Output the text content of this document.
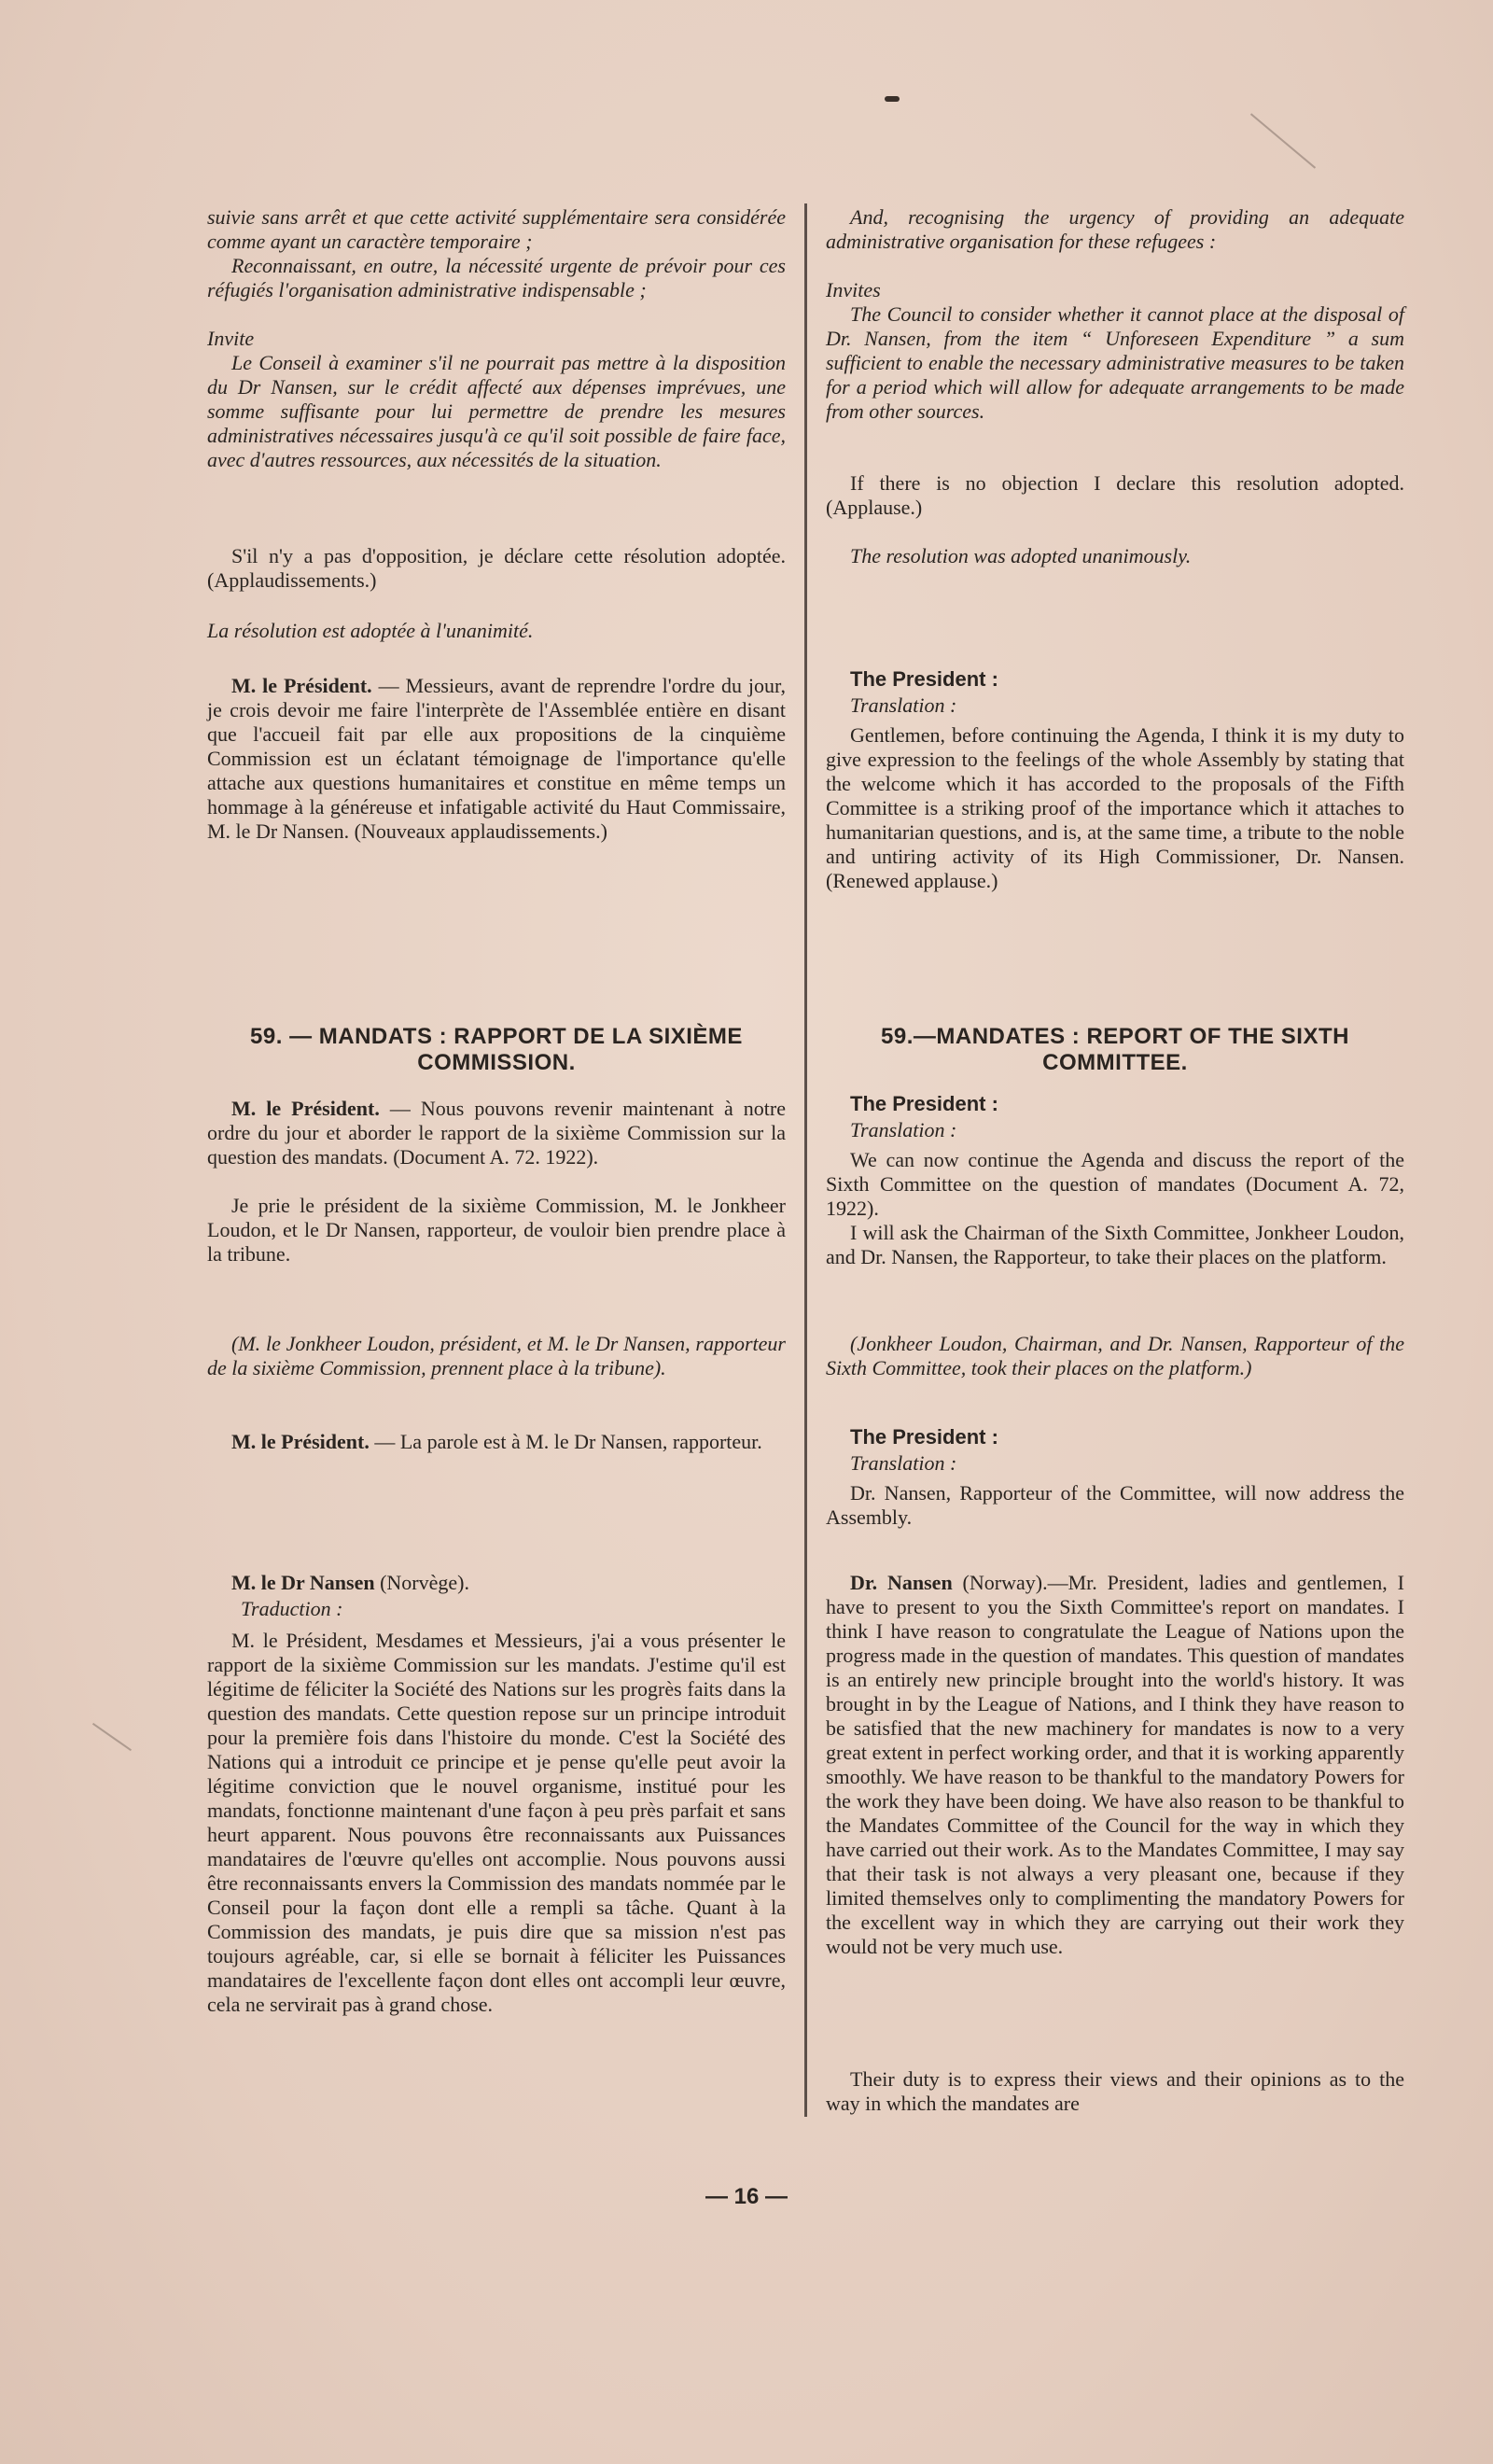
suivie sans arrêt et que cette activité supplémentaire sera considérée comme ayant un caractère temporaire ;

Reconnaissant, en outre, la nécessité urgente de prévoir pour ces réfugiés l'organisation administrative indispensable ;

Invite

Le Conseil à examiner s'il ne pourrait pas mettre à la disposition du Dr Nansen, sur le crédit affecté aux dépenses imprévues, une somme suffisante pour lui permettre de prendre les mesures administratives nécessaires jusqu'à ce qu'il soit possible de faire face, avec d'autres ressources, aux nécessités de la situation.

S'il n'y a pas d'opposition, je déclare cette résolution adoptée. (Applaudissements.)

La résolution est adoptée à l'unanimité.

M. le Président. — Messieurs, avant de reprendre l'ordre du jour, je crois devoir me faire l'interprète de l'Assemblée entière en disant que l'accueil fait par elle aux propositions de la cinquième Commission est un éclatant témoignage de l'importance qu'elle attache aux questions humanitaires et constitue en même temps un hommage à la généreuse et infatigable activité du Haut Commissaire, M. le Dr Nansen. (Nouveaux applaudissements.)

59. — MANDATS : RAPPORT DE LA SIXIÈME COMMISSION.

M. le Président. — Nous pouvons revenir maintenant à notre ordre du jour et aborder le rapport de la sixième Commission sur la question des mandats. (Document A. 72. 1922).

Je prie le président de la sixième Commission, M. le Jonkheer Loudon, et le Dr Nansen, rapporteur, de vouloir bien prendre place à la tribune.

(M. le Jonkheer Loudon, président, et M. le Dr Nansen, rapporteur de la sixième Commission, prennent place à la tribune).

M. le Président. — La parole est à M. le Dr Nansen, rapporteur.

M. le Dr Nansen (Norvège).

Traduction :

M. le Président, Mesdames et Messieurs, j'ai a vous présenter le rapport de la sixième Commission sur les mandats. J'estime qu'il est légitime de féliciter la Société des Nations sur les progrès faits dans la question des mandats. Cette question repose sur un principe introduit pour la première fois dans l'histoire du monde. C'est la Société des Nations qui a introduit ce principe et je pense qu'elle peut avoir la légitime conviction que le nouvel organisme, institué pour les mandats, fonctionne maintenant d'une façon à peu près parfait et sans heurt apparent. Nous pouvons être reconnaissants aux Puissances mandataires de l'œuvre qu'elles ont accomplie. Nous pouvons aussi être reconnaissants envers la Commission des mandats nommée par le Conseil pour la façon dont elle a rempli sa tâche. Quant à la Commission des mandats, je puis dire que sa mission n'est pas toujours agréable, car, si elle se bornait à féliciter les Puissances mandataires de l'excellente façon dont elles ont accompli leur œuvre, cela ne servirait pas à grand chose.

And, recognising the urgency of providing an adequate administrative organisation for these refugees :

Invites

The Council to consider whether it cannot place at the disposal of Dr. Nansen, from the item “ Unforeseen Expenditure ” a sum sufficient to enable the necessary administrative measures to be taken for a period which will allow for adequate arrangements to be made from other sources.

If there is no objection I declare this resolution adopted. (Applause.)

The resolution was adopted unanimously.

The President :

Translation :

Gentlemen, before continuing the Agenda, I think it is my duty to give expression to the feelings of the whole Assembly by stating that the welcome which it has accorded to the proposals of the Fifth Committee is a striking proof of the importance which it attaches to humanitarian questions, and is, at the same time, a tribute to the noble and untiring activity of its High Commissioner, Dr. Nansen. (Renewed applause.)

59.—MANDATES : REPORT OF THE SIXTH COMMITTEE.

The President :

Translation :

We can now continue the Agenda and discuss the report of the Sixth Committee on the question of mandates (Document A. 72, 1922).

I will ask the Chairman of the Sixth Committee, Jonkheer Loudon, and Dr. Nansen, the Rapporteur, to take their places on the platform.

(Jonkheer Loudon, Chairman, and Dr. Nansen, Rapporteur of the Sixth Committee, took their places on the platform.)

The President :

Translation :

Dr. Nansen, Rapporteur of the Committee, will now address the Assembly.

Dr. Nansen (Norway).—Mr. President, ladies and gentlemen, I have to present to you the Sixth Committee's report on mandates. I think I have reason to congratulate the League of Nations upon the progress made in the question of mandates. This question of mandates is an entirely new principle brought into the world's history. It was brought in by the League of Nations, and I think they have reason to be satisfied that the new machinery for mandates is now to a very great extent in perfect working order, and that it is working apparently smoothly. We have reason to be thankful to the mandatory Powers for the work they have been doing. We have also reason to be thankful to the Mandates Committee of the Council for the way in which they have carried out their work. As to the Mandates Committee, I may say that their task is not always a very pleasant one, because if they limited themselves only to complimenting the mandatory Powers for the excellent way in which they are carrying out their work they would not be very much use.

Their duty is to express their views and their opinions as to the way in which the mandates are

— 16 —
